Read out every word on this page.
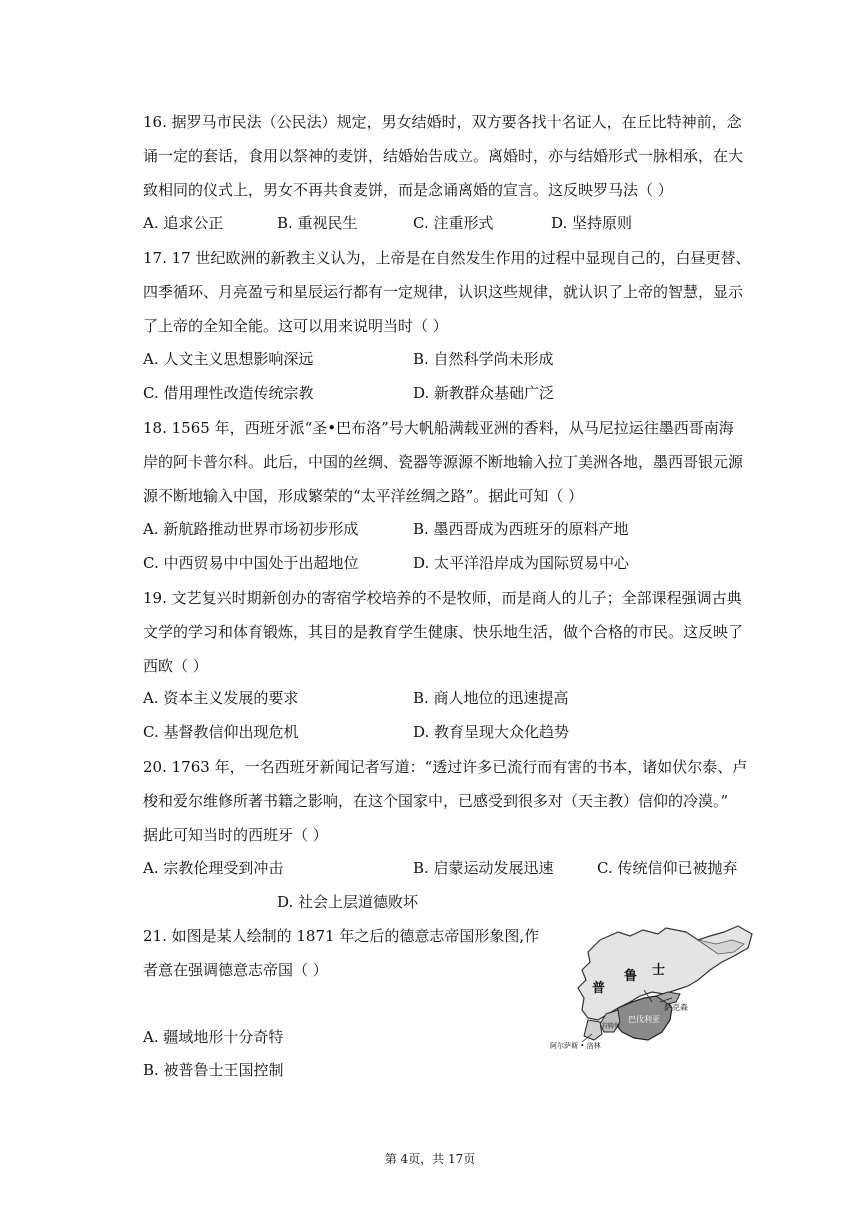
16. 据罗马市民法（公民法）规定，男女结婚时，双方要各找十名证人，在丘比特神前，念
诵一定的套话，食用以祭神的麦饼，结婚始告成立。离婚时，亦与结婚形式一脉相承，在大
致相同的仪式上，男女不再共食麦饼，而是念诵离婚的宣言。这反映罗马法（ ）
A. 追求公正	B. 重视民生	C. 注重形式	D. 坚持原则
17. 17 世纪欧洲的新教主义认为，上帝是在自然发生作用的过程中显现自己的，白昼更替、
四季循环、月亮盈亏和星辰运行都有一定规律，认识这些规律，就认识了上帝的智慧，显示
了上帝的全知全能。这可以用来说明当时（ ）
A. 人文主义思想影响深远	B. 自然科学尚未形成
C. 借用理性改造传统宗教	D. 新教群众基础广泛
18. 1565 年，西班牙派“圣•巴布洛”号大帆船满载亚洲的香料，从马尼拉运往墨西哥南海
岸的阿卡普尔科。此后，中国的丝绸、瓷器等源源不断地输入拉丁美洲各地，墨西哥银元源
源不断地输入中国，形成繁荣的“太平洋丝绸之路”。据此可知（ ）
A. 新航路推动世界市场初步形成	B. 墨西哥成为西班牙的原料产地
C. 中西贸易中中国处于出超地位	D. 太平洋沿岸成为国际贸易中心
19. 文艺复兴时期新创办的寄宿学校培养的不是牧师，而是商人的儿子；全部课程强调古典
文学的学习和体育锻炼，其目的是教育学生健康、快乐地生活，做个合格的市民。这反映了
西欧（ ）
A. 资本主义发展的要求	B. 商人地位的迅速提高
C. 基督教信仰出现危机	D. 教育呈现大众化趋势
20. 1763 年，一名西班牙新闻记者写道：“透过许多已流行而有害的书本，诸如伏尔泰、卢
梭和爱尔维修所著书籍之影响，在这个国家中，已感受到很多对（天主教）信仰的冷漠。”
据此可知当时的西班牙（ ）
A. 宗教伦理受到冲击	B. 启蒙运动发展迅速	C. 传统信仰已被抛弃
D. 社会上层道德败坏
21. 如图是某人绘制的 1871 年之后的德意志帝国形象图,作
者意在强调德意志帝国（ ）
A. 疆域地形十分奇特
B. 被普鲁士王国控制
普
鲁 士
巴伐利亚
萨克森
阿尔萨斯 • 洛林
符腾堡
第 4页，共 17页
